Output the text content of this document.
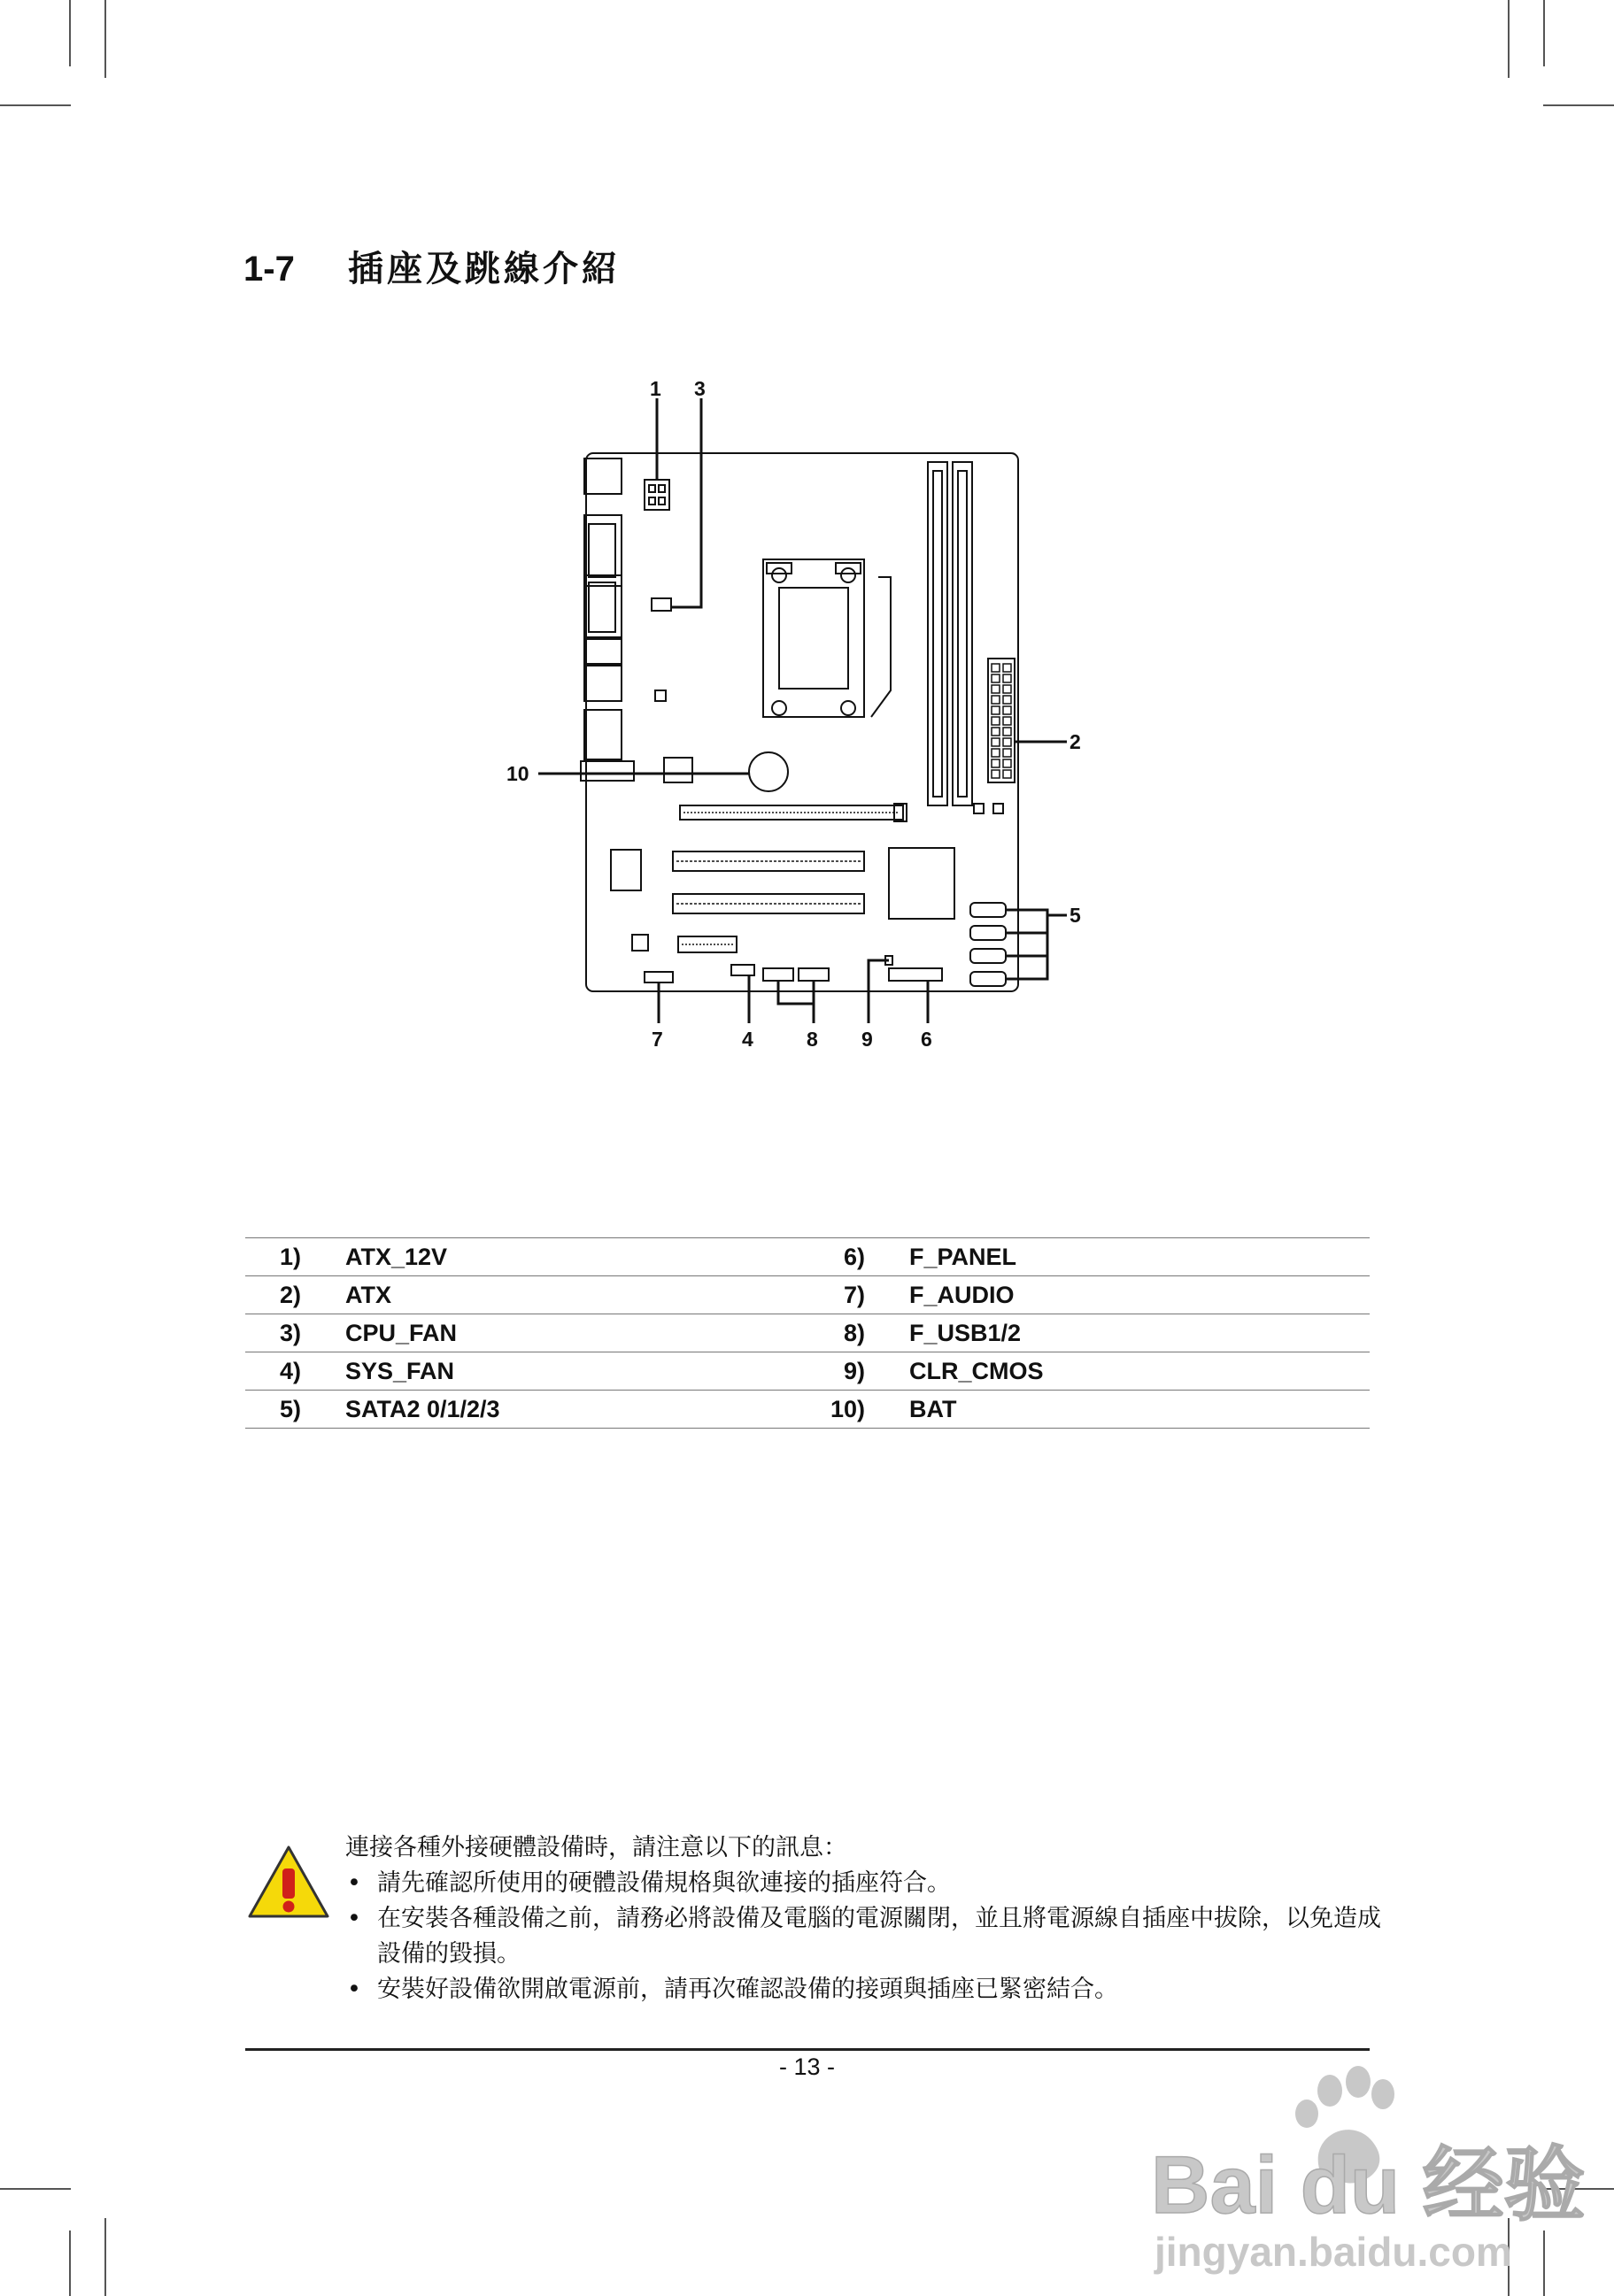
1-7 插座及跳線介紹
1 3
2
5
10
7	4	8 9 6
1)		ATX_12V	6)		F_PANEL
2)		ATX	7)		F_AUDIO
3)		CPU_FAN	8)		F_USB1/2
4)		SYS_FAN	9)		CLR_CMOS
5)		SATA2 0/1/2/3	10)		BAT
連接各種外接硬體設備時，請注意以下的訊息：
• 請先確認所使用的硬體設備規格與欲連接的插座符合。
• 在安裝各種設備之前，請務必將設備及電腦的電源關閉，並且將電源線自插座中拔除，以免造成設備的毀損。
• 安裝好設備欲開啟電源前，請再次確認設備的接頭與插座已緊密結合。
- 13 -
Bai du 经验
jingyan.baidu.com
